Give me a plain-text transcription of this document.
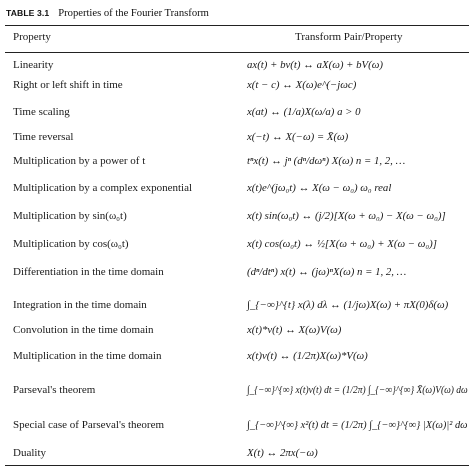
TABLE 3.1 Properties of the Fourier Transform
Property	Transform Pair/Property
Linearity	ax(t) + bv(t) ↔ aX(ω) + bV(ω)
Right or left shift in time	x(t − c) ↔ X(ω)e^(−jωc)
Time scaling	x(at) ↔ (1/a)X(ω/a) a > 0
Time reversal	x(−t) ↔ X(−ω) = X̄(ω)
Multiplication by a power of t	tⁿx(t) ↔ jⁿ (dⁿ/dωⁿ) X(ω) n = 1, 2, …
Multiplication by a complex exponential	x(t)e^(jω₀t) ↔ X(ω − ω₀) ω₀ real
Multiplication by sin(ω₀t)	x(t) sin(ω₀t) ↔ (j/2)[X(ω + ω₀) − X(ω − ω₀)]
Multiplication by cos(ω₀t)	x(t) cos(ω₀t) ↔ ½[X(ω + ω₀) + X(ω − ω₀)]
Differentiation in the time domain	(dⁿ/dtⁿ) x(t) ↔ (jω)ⁿX(ω) n = 1, 2, …
Integration in the time domain	∫_{−∞}^{t} x(λ) dλ ↔ (1/jω)X(ω) + πX(0)δ(ω)
Convolution in the time domain	x(t)*v(t) ↔ X(ω)V(ω)
Multiplication in the time domain	x(t)v(t) ↔ (1/2π)X(ω)*V(ω)
Parseval's theorem	∫_{−∞}^{∞} x(t)v(t) dt = (1/2π) ∫_{−∞}^{∞} X̄(ω)V(ω) dω
Special case of Parseval's theorem	∫_{−∞}^{∞} x²(t) dt = (1/2π) ∫_{−∞}^{∞} |X(ω)|² dω
Duality	X(t) ↔ 2πx(−ω)
